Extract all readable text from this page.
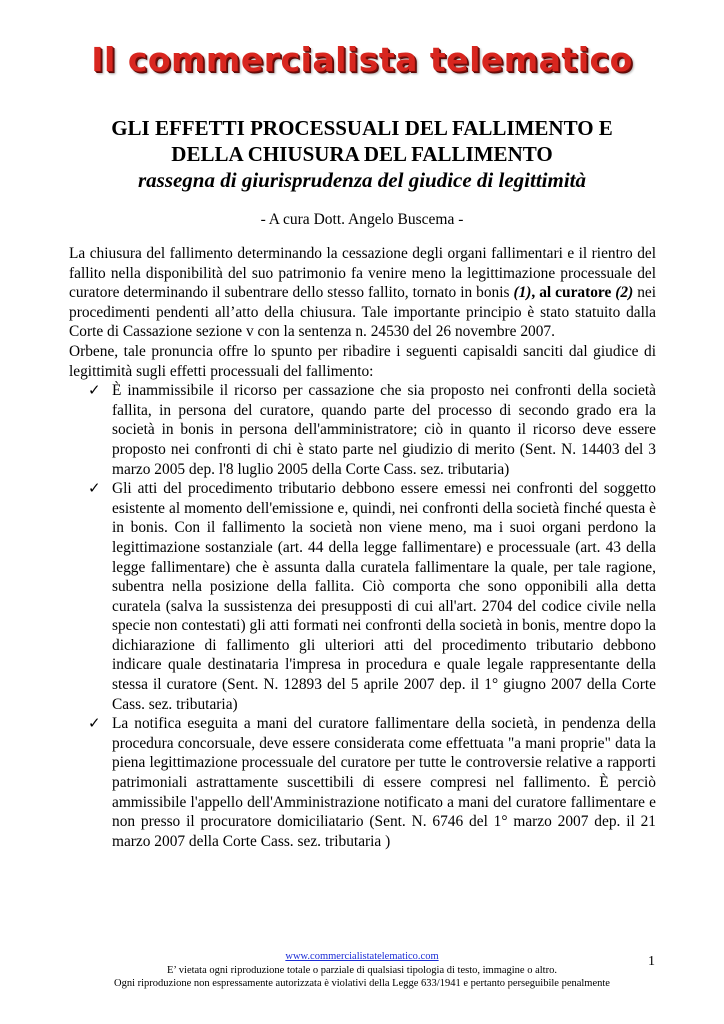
Il commercialista telematico

GLI EFFETTI PROCESSUALI DEL FALLIMENTO E

DELLA CHIUSURA DEL FALLIMENTO

rassegna di giurisprudenza del giudice di legittimità

- A cura Dott. Angelo Buscema -

La chiusura del fallimento determinando la cessazione degli organi fallimentari e il rientro del fallito nella disponibilità del suo patrimonio fa venire meno la legittimazione processuale del curatore determinando il subentrare dello stesso fallito, tornato in bonis (1), al curatore (2) nei procedimenti pendenti all’atto della chiusura. Tale importante principio è stato statuito dalla Corte di Cassazione sezione v con la sentenza n. 24530 del 26 novembre 2007.

Orbene, tale pronuncia offre lo spunto per ribadire i seguenti capisaldi sanciti dal giudice di legittimità sugli effetti processuali del fallimento:

✓ È inammissibile il ricorso per cassazione che sia proposto nei confronti della società fallita, in persona del curatore, quando parte del processo di secondo grado era la società in bonis in persona dell'amministratore; ciò in quanto il ricorso deve essere proposto nei confronti di chi è stato parte nel giudizio di merito (Sent. N. 14403 del 3 marzo 2005 dep. l'8 luglio 2005 della Corte Cass. sez. tributaria)
✓ Gli atti del procedimento tributario debbono essere emessi nei confronti del soggetto esistente al momento dell'emissione e, quindi, nei confronti della società finché questa è in bonis. Con il fallimento la società non viene meno, ma i suoi organi perdono la legittimazione sostanziale (art. 44 della legge fallimentare) e processuale (art. 43 della legge fallimentare) che è assunta dalla curatela fallimentare la quale, per tale ragione, subentra nella posizione della fallita. Ciò comporta che sono opponibili alla detta curatela (salva la sussistenza dei presupposti di cui all'art. 2704 del codice civile nella specie non contestati) gli atti formati nei confronti della società in bonis, mentre dopo la dichiarazione di fallimento gli ulteriori atti del procedimento tributario debbono indicare quale destinataria l'impresa in procedura e quale legale rappresentante della stessa il curatore (Sent. N. 12893 del 5 aprile 2007 dep. il 1° giugno 2007 della Corte Cass. sez. tributaria)
✓ La notifica eseguita a mani del curatore fallimentare della società, in pendenza della procedura concorsuale, deve essere considerata come effettuata "a mani proprie" data la piena legittimazione processuale del curatore per tutte le controversie relative a rapporti patrimoniali astrattamente suscettibili di essere compresi nel fallimento. È perciò ammissibile l'appello dell'Amministrazione notificato a mani del curatore fallimentare e non presso il procuratore domiciliatario (Sent. N. 6746 del 1° marzo 2007 dep. il 21 marzo 2007 della Corte Cass. sez. tributaria )
www.commercialistatelematico.com
E’ vietata ogni riproduzione totale o parziale di qualsiasi tipologia di testo, immagine o altro.
Ogni riproduzione non espressamente autorizzata è violativi della Legge 633/1941 e pertanto perseguibile penalmente
1
